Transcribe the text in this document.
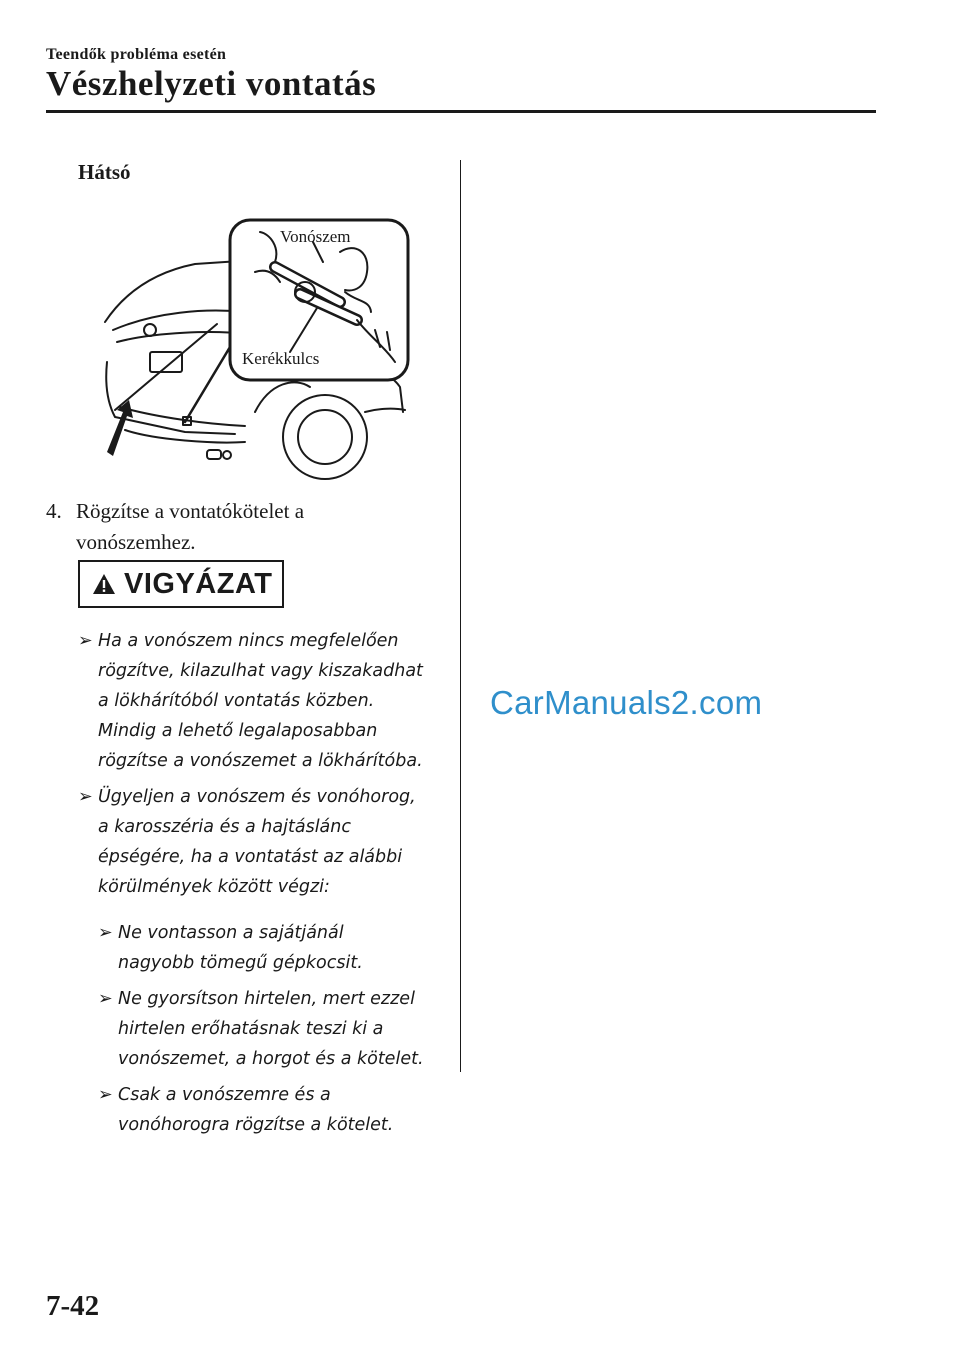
Teendők probléma esetén
Vészhelyzeti vontatás
Hátsó
Vonószem
Kerékkulcs
4. Rögzítse a vontatókötelet a
vonószemhez.
VIGYÁZAT
➢ Ha a vonószem nincs megfelelően
rögzítve, kilazulhat vagy kiszakadhat
a lökhárítóból vontatás közben.
Mindig a lehető legalaposabban
rögzítse a vonószemet a lökhárítóba.
➢ Ügyeljen a vonószem és vonóhorog,
a karosszéria és a hajtáslánc
épségére, ha a vontatást az alábbi
körülmények között végzi:
➢ Ne vontasson a sajátjánál
nagyobb tömegű gépkocsit.
➢ Ne gyorsítson hirtelen, mert ezzel
hirtelen erőhatásnak teszi ki a
vonószemet, a horgot és a kötelet.
➢ Csak a vonószemre és a
vonóhorogra rögzítse a kötelet.
CarManuals2.com
7-42
